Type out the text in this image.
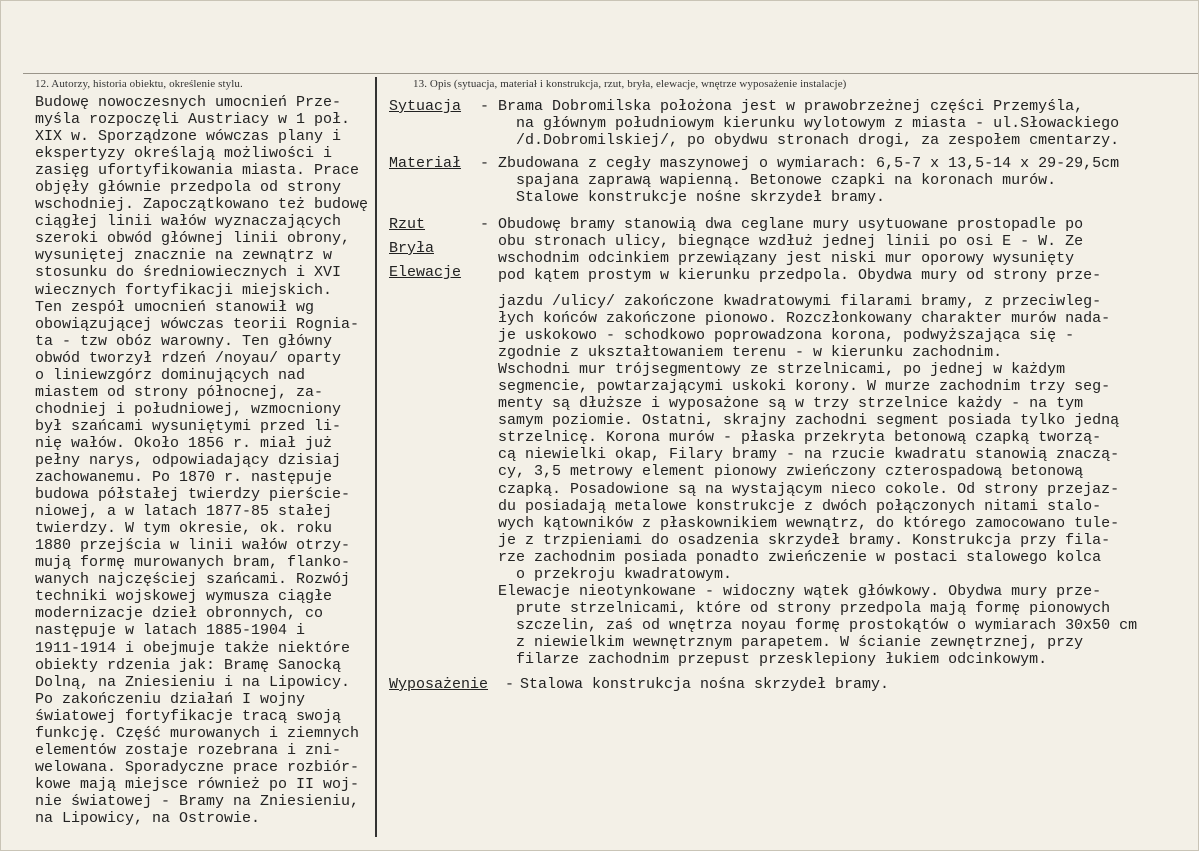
12. Autorzy, historia obiektu, określenie stylu.	13. Opis (sytuacja, materiał i konstrukcja, rzut, bryła, elewacje, wnętrze wyposażenie instalacje)
Budowę nowoczesnych umocnień Prze-
myśla rozpoczęli Austriacy w 1 poł.
XIX w. Sporządzone wówczas plany i
ekspertyzy określają możliwości i
zasięg ufortyfikowania miasta. Prace
objęły głównie przedpola od strony
wschodniej. Zapoczątkowano też budowę
ciągłej linii wałów wyznaczających
szeroki obwód głównej linii obrony,
wysuniętej znacznie na zewnątrz w
stosunku do średniowiecznych i XVI
wiecznych fortyfikacji miejskich.
Ten zespół umocnień stanowił wg
obowiązującej wówczas teorii Rognia-
ta - tzw obóz warowny. Ten główny
obwód tworzył rdzeń /noyau/ oparty
o liniewzgórz dominujących nad
miastem od strony północnej, za-
chodniej i południowej, wzmocniony
był szańcami wysuniętymi przed li-
nię wałów. Około 1856 r. miał już
pełny narys, odpowiadający dzisiaj
zachowanemu. Po 1870 r. następuje
budowa półstałej twierdzy pierście-
niowej, a w latach 1877-85 stałej
twierdzy. W tym okresie, ok. roku
1880 przejścia w linii wałów otrzy-
mują formę murowanych bram, flanko-
wanych najczęściej szańcami. Rozwój
techniki wojskowej wymusza ciągłe
modernizacje dzieł obronnych, co
następuje w latach 1885-1904 i
1911-1914 i obejmuje także niektóre
obiekty rdzenia jak: Bramę Sanocką
Dolną, na Zniesieniu i na Lipowicy.
Po zakończeniu działań I wojny
światowej fortyfikacje tracą swoją
funkcję. Część murowanych i ziemnych
elementów zostaje rozebrana i zni-
welowana. Sporadyczne prace rozbiór-
kowe mają miejsce również po II woj-
nie światowej - Bramy na Zniesieniu,
na Lipowicy, na Ostrowie.
Sytuacja - Brama Dobromilska położona jest w prawobrzeżnej części Przemyśla,
na głównym południowym kierunku wylotowym z miasta - ul.Słowackiego
/d.Dobromilskiej/, po obydwu stronach drogi, za zespołem cmentarzy.
Materiał - Zbudowana z cegły maszynowej o wymiarach: 6,5-7 x 13,5-14 x 29-29,5cm
spajana zaprawą wapienną. Betonowe czapki na koronach murów.
Stalowe konstrukcje nośne skrzydeł bramy.
Rzut
Bryła
Elewacje
- Obudowę bramy stanowią dwa ceglane mury usytuowane prostopadle po
obu stronach ulicy, biegnące wzdłuż jednej linii po osi E - W. Ze
wschodnim odcinkiem przewiązany jest niski mur oporowy wysunięty
pod kątem prostym w kierunku przedpola. Obydwa mury od strony prze-
jazdu /ulicy/ zakończone kwadratowymi filarami bramy, z przeciwleg-
łych końców zakończone pionowo. Rozczłonkowany charakter murów nada-
je uskokowo - schodkowo poprowadzona korona, podwyższająca się -
zgodnie z ukształtowaniem terenu - w kierunku zachodnim.
Wschodni mur trójsegmentowy ze strzelnicami, po jednej w każdym
segmencie, powtarzającymi uskoki korony. W murze zachodnim trzy seg-
menty są dłuższe i wyposażone są w trzy strzelnice każdy - na tym
samym poziomie. Ostatni, skrajny zachodni segment posiada tylko jedną
strzelnicę. Korona murów - płaska przekryta betonową czapką tworzą-
cą niewielki okap, Filary bramy - na rzucie kwadratu stanowią znaczą-
cy, 3,5 metrowy element pionowy zwieńczony czterospadową betonową
czapką. Posadowione są na wystającym nieco cokole. Od strony przejaz-
du posiadają metalowe konstrukcje z dwóch połączonych nitami stalo-
wych kątowników z płaskownikiem wewnątrz, do którego zamocowano tule-
je z trzpieniami do osadzenia skrzydeł bramy. Konstrukcja przy fila-
rze zachodnim posiada ponadto zwieńczenie w postaci stalowego kolca
o przekroju kwadratowym.
Elewacje nieotynkowane - widoczny wątek główkowy. Obydwa mury prze-
prute strzelnicami, które od strony przedpola mają formę pionowych
szczelin, zaś od wnętrza noyau formę prostokątów o wymiarach 30x50 cm
z niewielkim wewnętrznym parapetem. W ścianie zewnętrznej, przy
filarze zachodnim przepust przesklepiony łukiem odcinkowym.
Wyposażenie - Stalowa konstrukcja nośna skrzydeł bramy.
